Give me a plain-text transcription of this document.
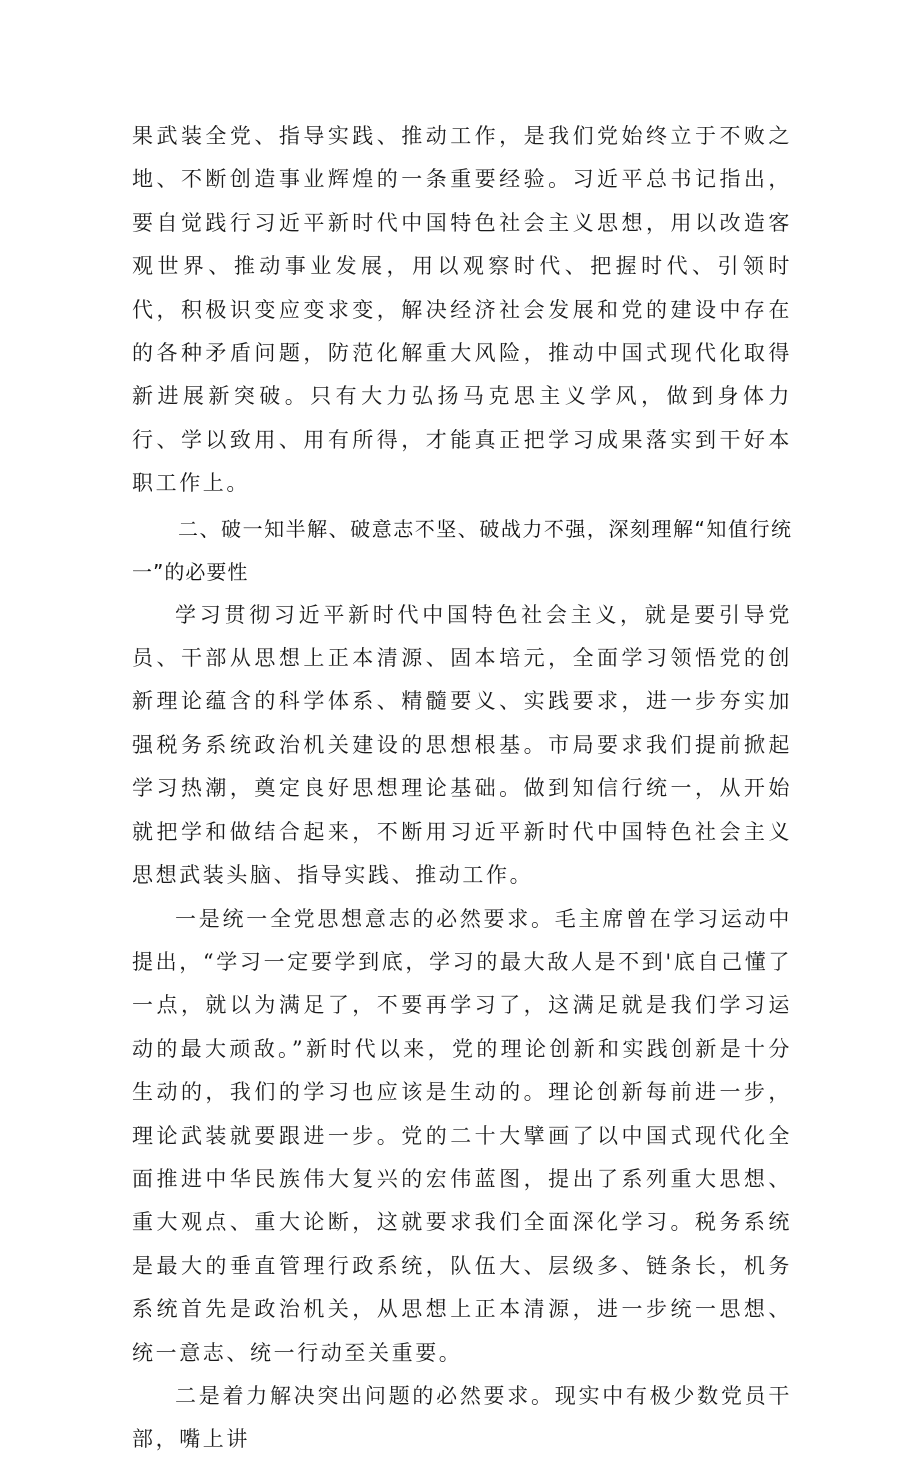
果武装全党、指导实践、推动工作，是我们党始终立于不败之地、不断创造事业辉煌的一条重要经验。习近平总书记指出，要自觉践行习近平新时代中国特色社会主义思想，用以改造客观世界、推动事业发展，用以观察时代、把握时代、引领时代，积极识变应变求变，解决经济社会发展和党的建设中存在的各种矛盾问题，防范化解重大风险，推动中国式现代化取得新进展新突破。只有大力弘扬马克思主义学风，做到身体力行、学以致用、用有所得，才能真正把学习成果落实到干好本职工作上。

二、破一知半解、破意志不坚、破战力不强，深刻理解“知值行统一”的必要性

学习贯彻习近平新时代中国特色社会主义，就是要引导党员、干部从思想上正本清源、固本培元，全面学习领悟党的创新理论蕴含的科学体系、精髓要义、实践要求，进一步夯实加强税务系统政治机关建设的思想根基。市局要求我们提前掀起学习热潮，奠定良好思想理论基础。做到知信行统一，从开始就把学和做结合起来，不断用习近平新时代中国特色社会主义思想武装头脑、指导实践、推动工作。

一是统一全党思想意志的必然要求。毛主席曾在学习运动中提出，“学习一定要学到底，学习的最大敌人是不到'底自己懂了一点，就以为满足了，不要再学习了，这满足就是我们学习运动的最大顽敌。”新时代以来，党的理论创新和实践创新是十分生动的，我们的学习也应该是生动的。理论创新每前进一步，理论武装就要跟进一步。党的二十大擘画了以中国式现代化全面推进中华民族伟大复兴的宏伟蓝图，提出了系列重大思想、重大观点、重大论断，这就要求我们全面深化学习。税务系统是最大的垂直管理行政系统，队伍大、层级多、链条长，机务系统首先是政治机关，从思想上正本清源，进一步统一思想、统一意志、统一行动至关重要。

二是着力解决突出问题的必然要求。现实中有极少数党员干部，嘴上讲
